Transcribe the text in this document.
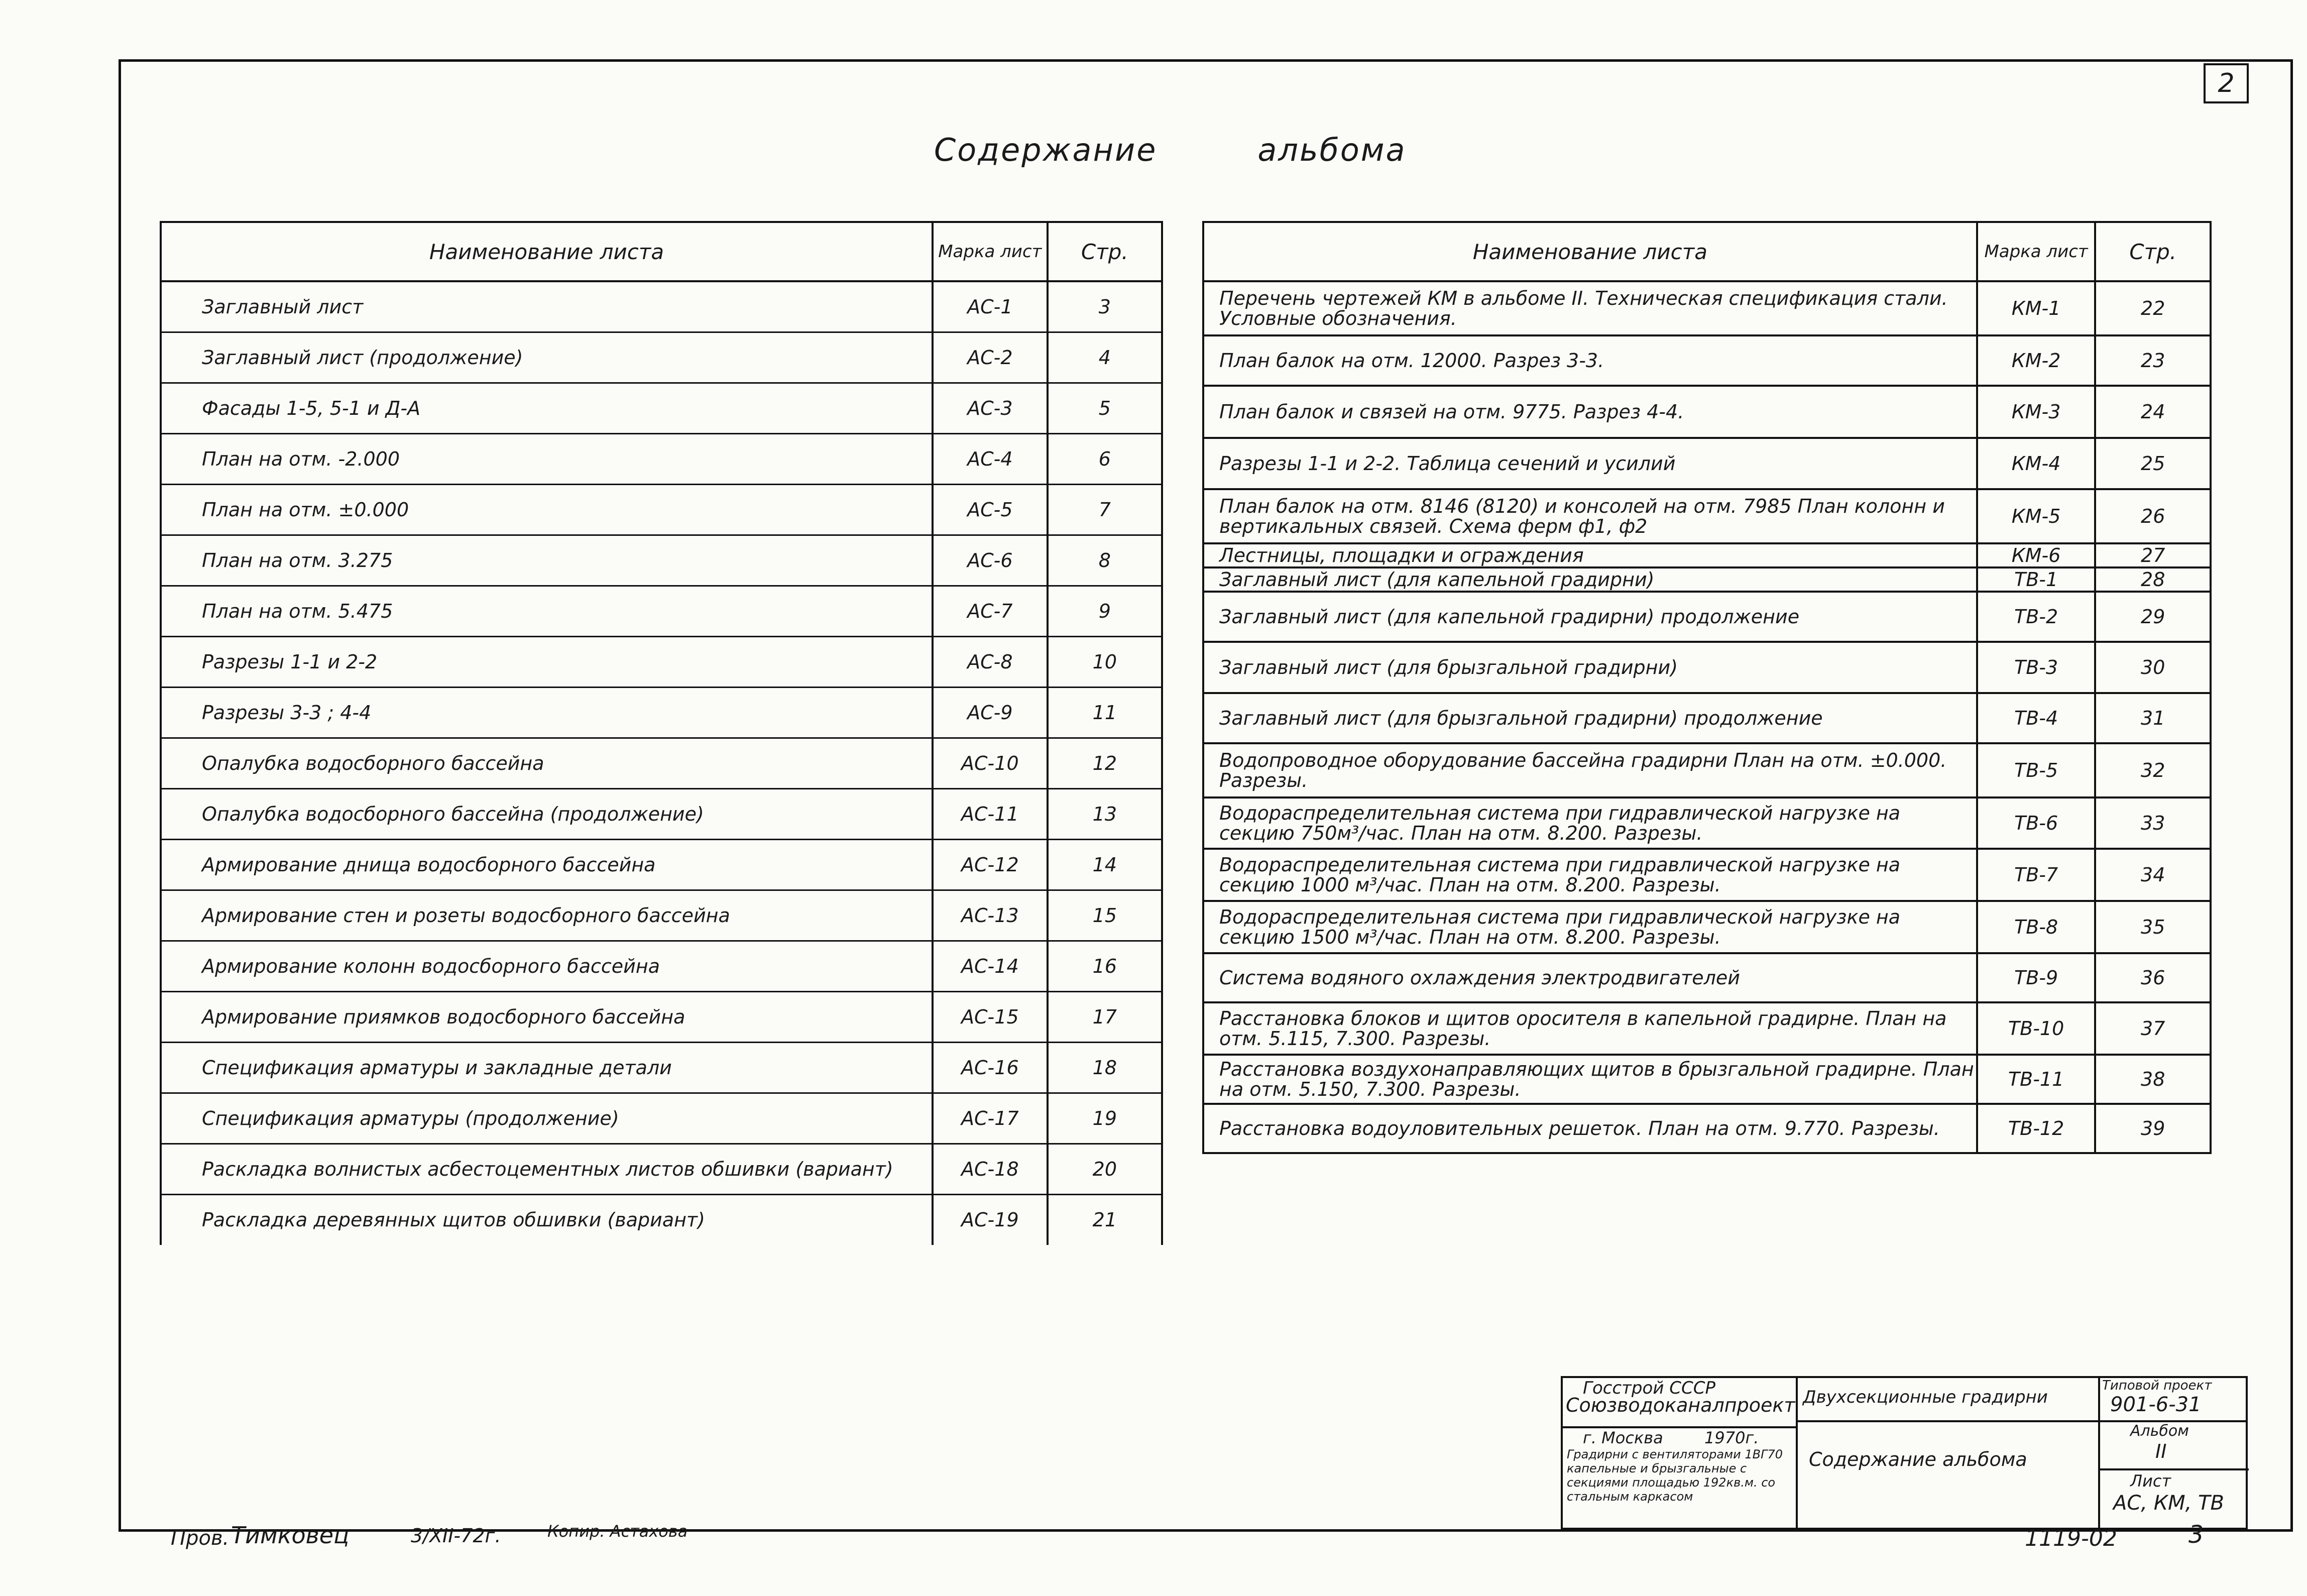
2
Содержание	альбома
Наименование листа	Марка лист	Стр.
Заглавный лист	АС-1	3
Заглавный лист (продолжение)	АС-2	4
Фасады 1-5, 5-1 и Д-А	АС-3	5
План на отм. -2.000	АС-4	6
План на отм. ±0.000	АС-5	7
План на отм. 3.275	АС-6	8
План на отм. 5.475	АС-7	9
Разрезы 1-1 и 2-2	АС-8	10
Разрезы 3-3 ; 4-4	АС-9	11
Опалубка водосборного бассейна	АС-10	12
Опалубка водосборного бассейна (продолжение)	АС-11	13
Армирование днища водосборного бассейна	АС-12	14
Армирование стен и розеты водосборного бассейна	АС-13	15
Армирование колонн водосборного бассейна	АС-14	16
Армирование приямков водосборного бассейна	АС-15	17
Спецификация арматуры и закладные детали	АС-16	18
Спецификация арматуры (продолжение)	АС-17	19
Раскладка волнистых асбестоцементных листов обшивки (вариант)	АС-18	20
Раскладка деревянных щитов обшивки (вариант)	АС-19	21
Наименование листа	Марка лист	Стр.
Перечень чертежей КМ в альбоме II. Техническая спецификация стали. Условные обозначения.	КМ-1	22
План балок на отм. 12000. Разрез 3-3.	КМ-2	23
План балок и связей на отм. 9775. Разрез 4-4.	КМ-3	24
Разрезы 1-1 и 2-2. Таблица сечений и усилий	КМ-4	25
План балок на отм. 8146 (8120) и консолей на отм. 7985 План колонн и вертикальных связей. Схема ферм ф1, ф2	КМ-5	26
Лестницы, площадки и ограждения	КМ-6	27
Заглавный лист (для капельной градирни)	ТВ-1	28
Заглавный лист (для капельной градирни) продолжение	ТВ-2	29
Заглавный лист (для брызгальной градирни)	ТВ-3	30
Заглавный лист (для брызгальной градирни) продолжение	ТВ-4	31
Водопроводное оборудование бассейна градирни План на отм. ±0.000. Разрезы.	ТВ-5	32
Водораспределительная система при гидравлической нагрузке на секцию 750м³/час. План на отм. 8.200. Разрезы.	ТВ-6	33
Водораспределительная система при гидравлической нагрузке на секцию 1000 м³/час. План на отм. 8.200. Разрезы.	ТВ-7	34
Водораспределительная система при гидравлической нагрузке на секцию 1500 м³/час. План на отм. 8.200. Разрезы.	ТВ-8	35
Система водяного охлаждения электродвигателей	ТВ-9	36
Расстановка блоков и щитов оросителя в капельной градирне. План на отм. 5.115, 7.300. Разрезы.	ТВ-10	37
Расстановка воздухонаправляющих щитов в брызгальной градирне. План на отм. 5.150, 7.300. Разрезы.	ТВ-11	38
Расстановка водоуловительных решеток. План на отм. 9.770. Разрезы.	ТВ-12	39
Госстрой СССР
Союзводоканалпроект
г. Москва	1970г.
Градирни с вентиляторами 1ВГ70 капельные и брызгальные с секциями площадью 192кв.м. со стальным каркасом
Двухсекционные градирни
Содержание альбома
Типовой проект
901-6-31
Альбом
II
Лист
АС, КМ, ТВ
Пров. Тимковец	3/XII-72г.	Копир. Астахова	1119-02	3
